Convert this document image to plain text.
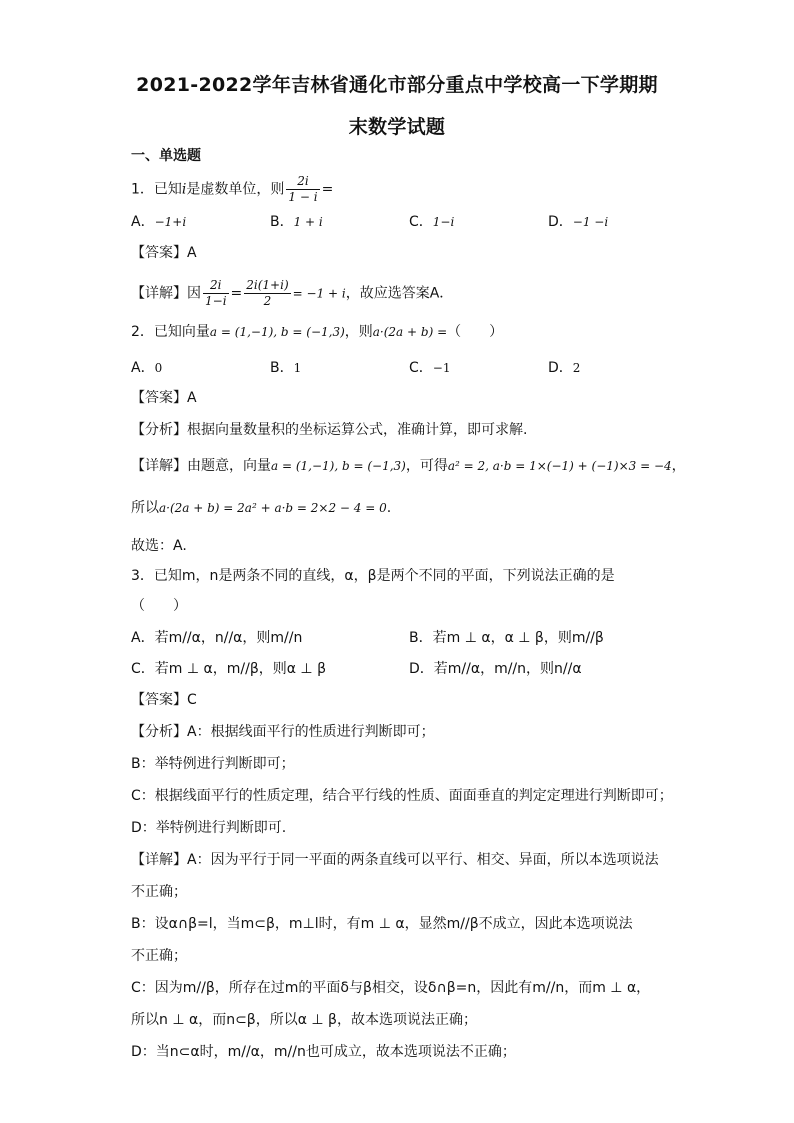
2021-2022学年吉林省通化市部分重点中学校高一下学期期
末数学试题
一、单选题
1．已知i是虚数单位，则 $\frac{2i}{1 - i}$ =
A．−1+i	B．1 + i	C．1−i	D．−1 −i
【答案】A
【详解】因 $\frac{2i}{1-i} = \frac{2i(1+i)}{2} = -1 + i$，故应选答案A．
2．已知向量a = (1,−1), b = (−1,3)，则a·(2a + b) =（　　）
A．0	B．1	C．−1	D．2
【答案】A
【分析】根据向量数量积的坐标运算公式，准确计算，即可求解.
【详解】由题意，向量a = (1,−1), b = (−1,3)，可得a² = 2, a·b = 1×(−1) + (−1)×3 = −4，
所以a·(2a + b) = 2a² + a·b = 2×2 − 4 = 0.
故选：A.
3．已知m，n是两条不同的直线，α，β是两个不同的平面，下列说法正确的是
（　　）
A．若m//α，n//α，则m//n	B．若m ⊥ α，α ⊥ β，则m//β
C．若m ⊥ α，m//β，则α ⊥ β	D．若m//α，m//n，则n//α
【答案】C
【分析】A：根据线面平行的性质进行判断即可；
B：举特例进行判断即可；
C：根据线面平行的性质定理，结合平行线的性质、面面垂直的判定定理进行判断即可；
D：举特例进行判断即可.
【详解】A：因为平行于同一平面的两条直线可以平行、相交、异面，所以本选项说法
不正确；
B：设α∩β=l，当m⊂β，m⊥l时，有m ⊥ α，显然m//β不成立，因此本选项说法
不正确；
C：因为m//β，所存在过m的平面δ与β相交，设δ∩β=n，因此有m//n，而m ⊥ α，
所以n ⊥ α，而n⊂β，所以α ⊥ β，故本选项说法正确；
D：当n⊂α时，m//α，m//n也可成立，故本选项说法不正确；
